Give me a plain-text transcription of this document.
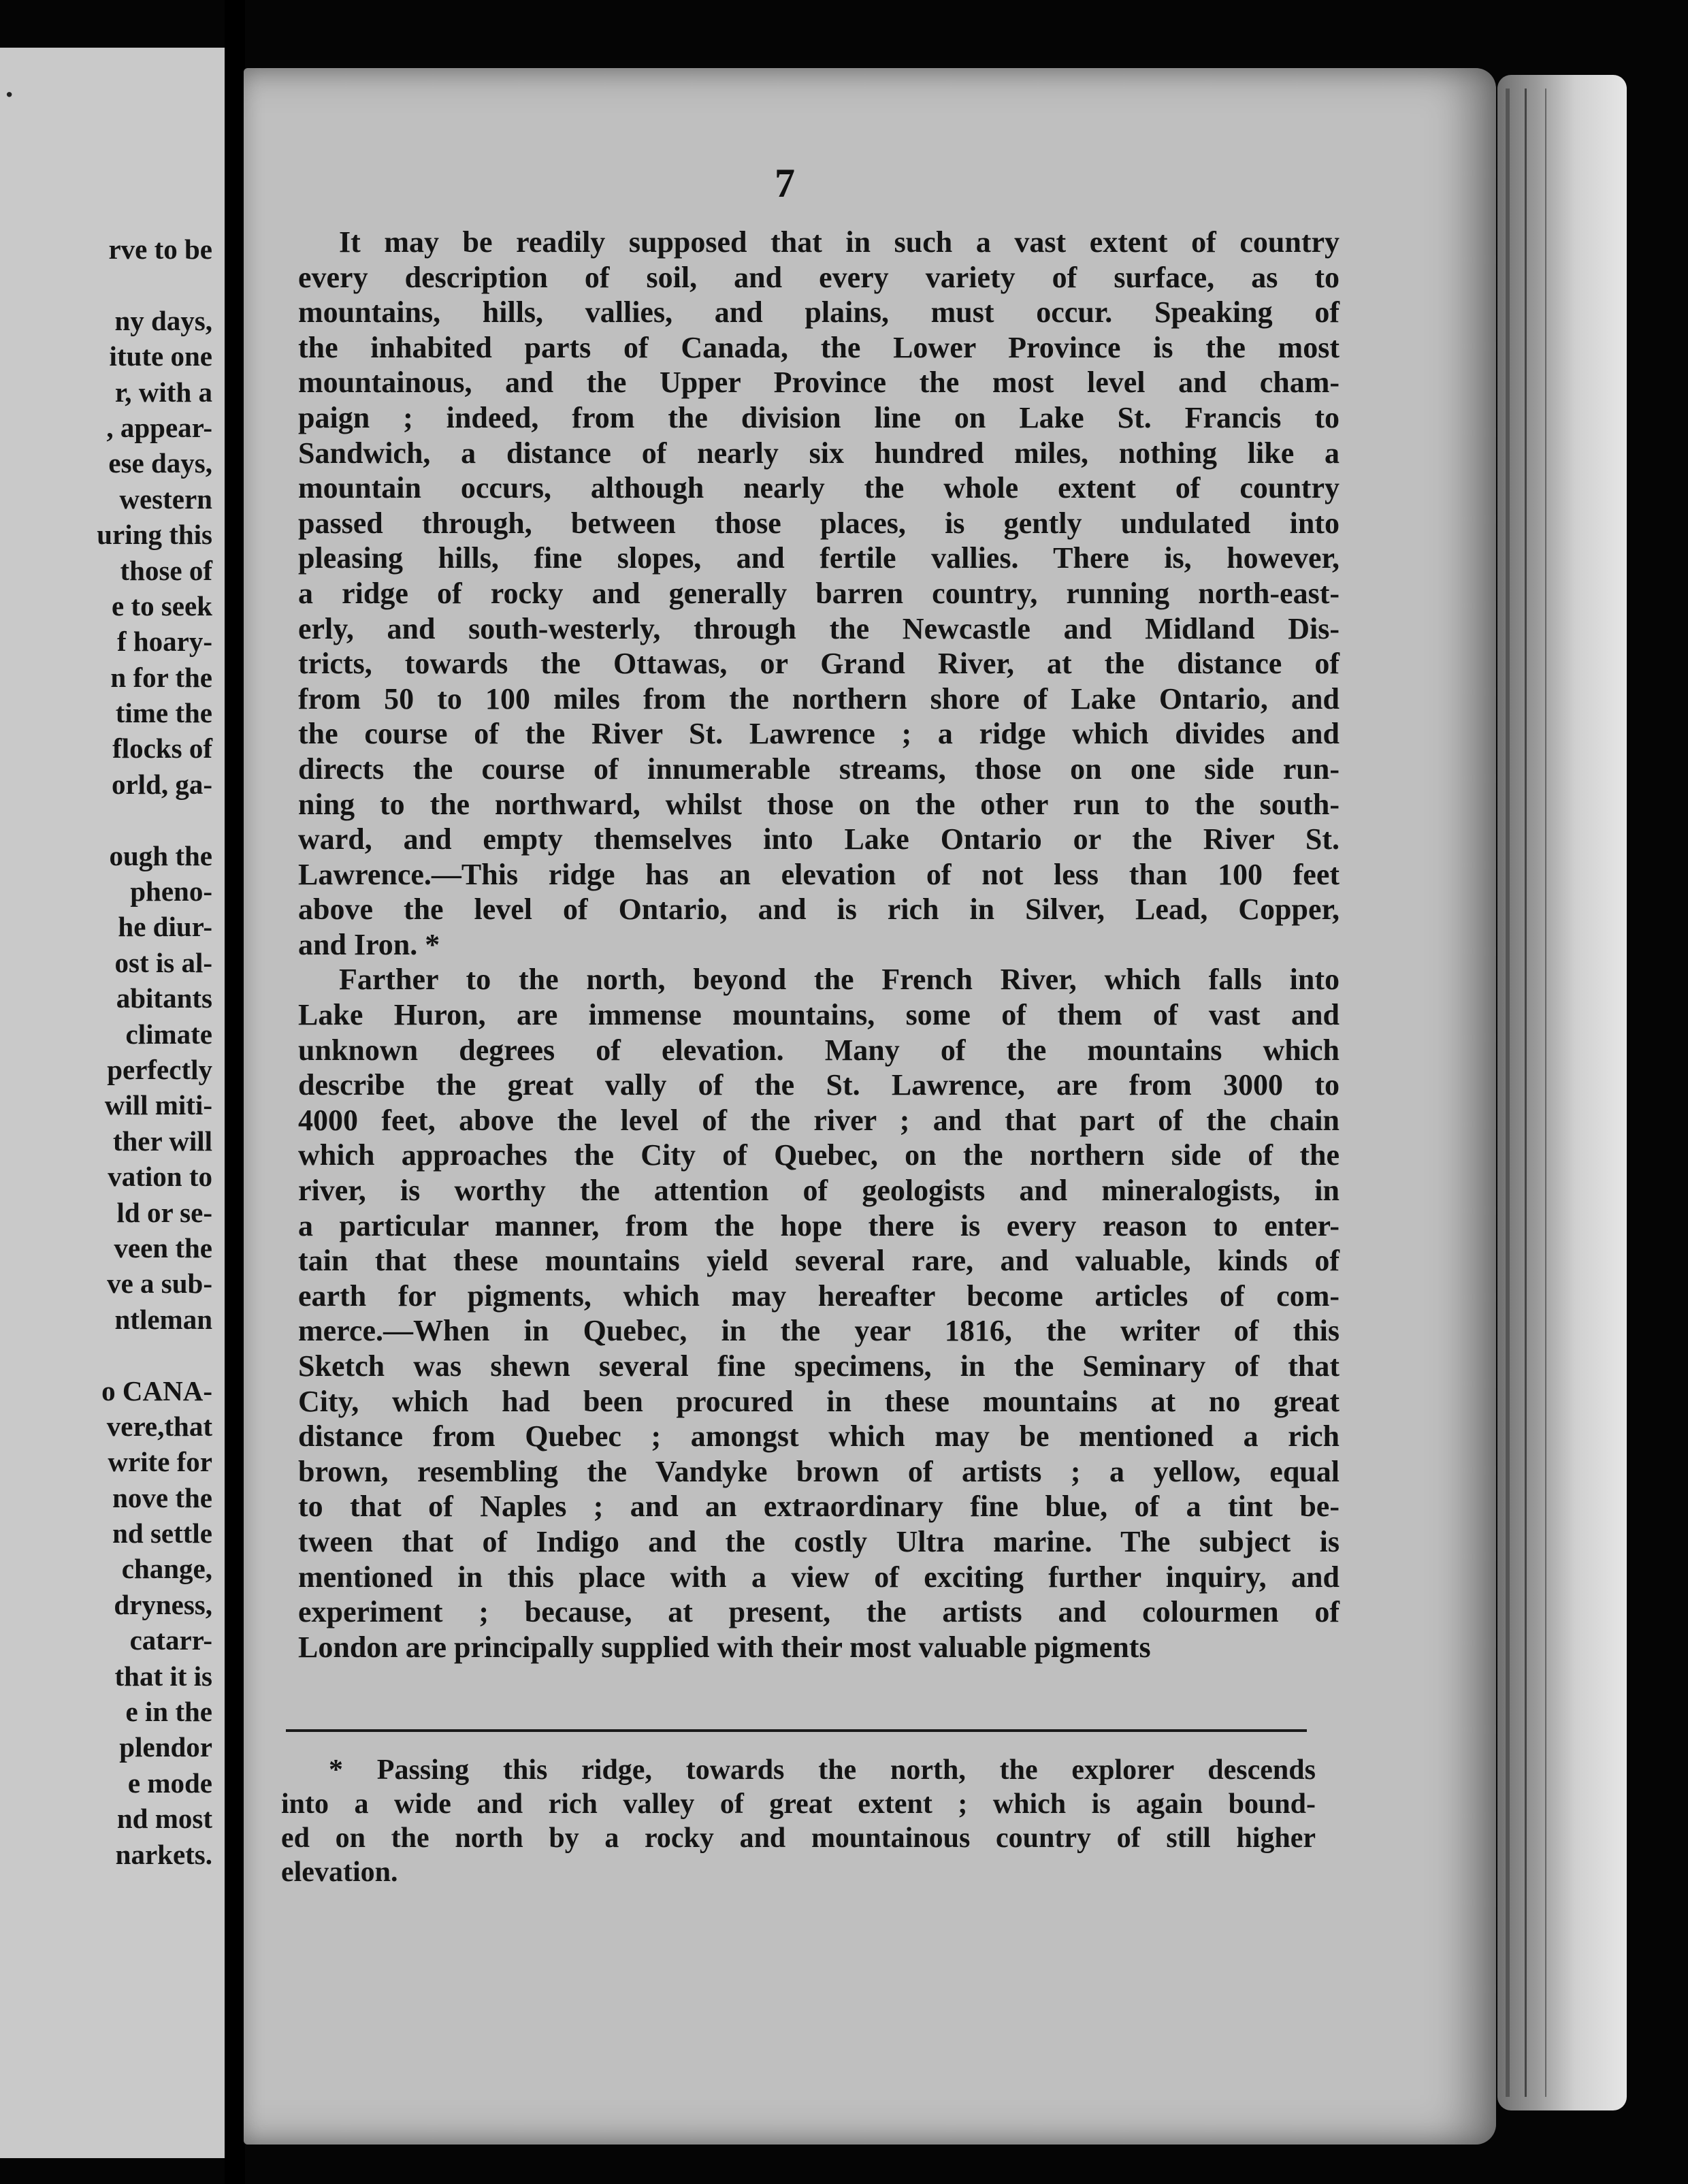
·
rve to be
ny days,
itute one
r, with a
, appear-
ese days,
western
uring this
those of
e to seek
f hoary-
n for the
time the
flocks of
orld, ga-
ough the
pheno-
he diur-
ost is al-
abitants
climate
perfectly
will miti-
ther will
vation to
ld or se-
veen the
ve a sub-
ntleman
o CANA-
vere,that
write for
nove the
nd settle
change,
dryness,
catarr-
that it is
e in the
plendor
e mode
nd most
narkets.
7
It may be readily supposed that in such a vast extent of country
every description of soil, and every variety of surface, as to
mountains, hills, vallies, and plains, must occur. Speaking of
the inhabited parts of Canada, the Lower Province is the most
mountainous, and the Upper Province the most level and cham-
paign ; indeed, from the division line on Lake St. Francis to
Sandwich, a distance of nearly six hundred miles, nothing like a
mountain occurs, although nearly the whole extent of country
passed through, between those places, is gently undulated into
pleasing hills, fine slopes, and fertile vallies. There is, however,
a ridge of rocky and generally barren country, running north-east-
erly, and south-westerly, through the Newcastle and Midland Dis-
tricts, towards the Ottawas, or Grand River, at the distance of
from 50 to 100 miles from the northern shore of Lake Ontario, and
the course of the River St. Lawrence ; a ridge which divides and
directs the course of innumerable streams, those on one side run-
ning to the northward, whilst those on the other run to the south-
ward, and empty themselves into Lake Ontario or the River St.
Lawrence.—This ridge has an elevation of not less than 100 feet
above the level of Ontario, and is rich in Silver, Lead, Copper,
and Iron. *
Farther to the north, beyond the French River, which falls into
Lake Huron, are immense mountains, some of them of vast and
unknown degrees of elevation. Many of the mountains which
describe the great vally of the St. Lawrence, are from 3000 to
4000 feet, above the level of the river ; and that part of the chain
which approaches the City of Quebec, on the northern side of the
river, is worthy the attention of geologists and mineralogists, in
a particular manner, from the hope there is every reason to enter-
tain that these mountains yield several rare, and valuable, kinds of
earth for pigments, which may hereafter become articles of com-
merce.—When in Quebec, in the year 1816, the writer of this
Sketch was shewn several fine specimens, in the Seminary of that
City, which had been procured in these mountains at no great
distance from Quebec ; amongst which may be mentioned a rich
brown, resembling the Vandyke brown of artists ; a yellow, equal
to that of Naples ; and an extraordinary fine blue, of a tint be-
tween that of Indigo and the costly Ultra marine. The subject is
mentioned in this place with a view of exciting further inquiry, and
experiment ; because, at present, the artists and colourmen of
London are principally supplied with their most valuable pigments
* Passing this ridge, towards the north, the explorer descends
into a wide and rich valley of great extent ; which is again bound-
ed on the north by a rocky and mountainous country of still higher
elevation.
